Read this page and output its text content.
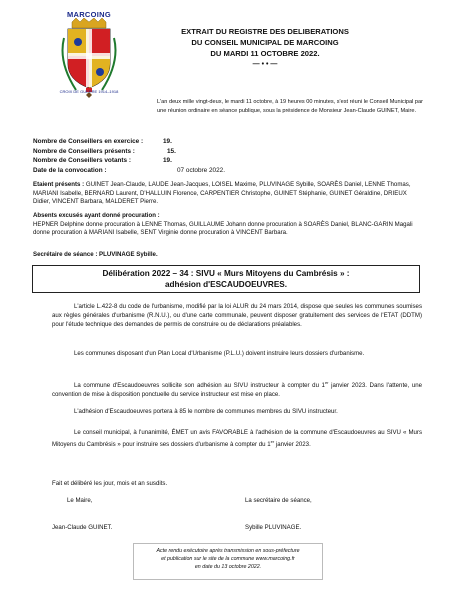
MARCOING
CROIX DE GUERRE 1914–1918
EXTRAIT DU REGISTRE DES DELIBERATIONS
DU CONSEIL MUNICIPAL DE MARCOING
DU MARDI 11 OCTOBRE 2022.
— • • —
L'an deux mille vingt-deux, le mardi 11 octobre, à 19 heures 00 minutes, s'est réuni le Conseil Municipal par une réunion ordinaire en séance publique, sous la présidence de Monsieur Jean-Claude GUINET, Maire.
Nombre de Conseillers en exercice :	19.
Nombre de Conseillers présents :	15.
Nombre de Conseillers votants :	19.
Date de la convocation :	07 octobre 2022.
Etaient présents : GUINET Jean-Claude, LAUDE Jean-Jacques, LOISEL Maxime, PLUVINAGE Sybille, SOARÈS Daniel, LENNE Thomas, MARIANI Isabelle, BERNARD Laurent, D'HALLUIN Florence, CARPENTIER Christophe, GUINET Stéphanie, GUINET Géraldine, DRIEUX Didier, VINCENT Barbara, MALDERET Pierre.
Absents excusés ayant donné procuration :
HEPNER Delphine donne procuration à LENNE Thomas, GUILLAUME Johann donne procuration à SOARÈS Daniel, BLANC-GARIN Magali donne procuration à MARIANI Isabelle, SENT Virginie donne procuration à VINCENT Barbara.
Secrétaire de séance : PLUVINAGE Sybille.
Délibération 2022 – 34 : SIVU « Murs Mitoyens du Cambrésis » :
adhésion d'ESCAUDOEUVRES.
L'article L.422-8 du code de l'urbanisme, modifié par la loi ALUR du 24 mars 2014, dispose que seules les communes soumises aux règles générales d'urbanisme (R.N.U.), ou d'une carte communale, peuvent disposer gratuitement des services de l'ETAT (DDTM) pour l'étude technique des demandes de permis de construire ou de déclarations préalables.
Les communes disposant d'un Plan Local d'Urbanisme (P.L.U.) doivent instruire leurs dossiers d'urbanisme.
La commune d'Escaudoeuvres sollicite son adhésion au SIVU instructeur à compter du 1er janvier 2023. Dans l'attente, une convention de mise à disposition ponctuelle du service instructeur est mise en place.
L'adhésion d'Escaudoeuvres portera à 85 le nombre de communes membres du SIVU instructeur.
Le conseil municipal, à l'unanimité, ÉMET un avis FAVORABLE à l'adhésion de la commune d'Escaudoeuvres au SIVU « Murs Mitoyens du Cambrésis » pour instruire ses dossiers d'urbanisme à compter du 1er janvier 2023.
Fait et délibéré les jour, mois et an susdits.
Le Maire,	La secrétaire de séance,
Jean-Claude GUINET.	Sybille PLUVINAGE.
Acte rendu exécutoire après transmission en sous-préfecture
et publication sur le site de la commune www.marcoing.fr
en date du 13 octobre 2022.
